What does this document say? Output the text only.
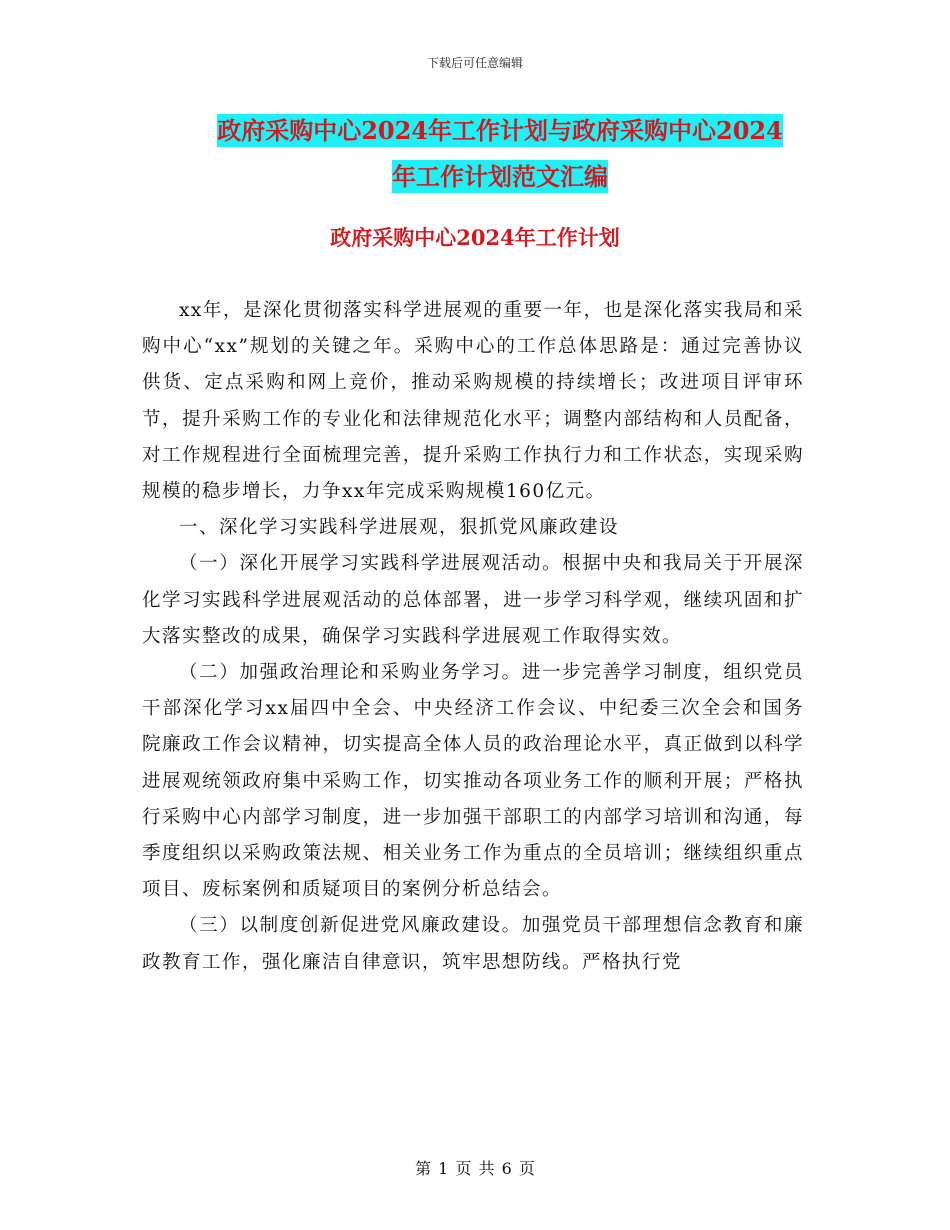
下载后可任意编辑
政府采购中心2024年工作计划与政府采购中心2024
年工作计划范文汇编
政府采购中心2024年工作计划

xx年，是深化贯彻落实科学进展观的重要一年，也是深化落实我局和采购中心“xx”规划的关键之年。采购中心的工作总体思路是：通过完善协议供货、定点采购和网上竞价，推动采购规模的持续增长；改进项目评审环节，提升采购工作的专业化和法律规范化水平；调整内部结构和人员配备，对工作规程进行全面梳理完善，提升采购工作执行力和工作状态，实现采购规模的稳步增长，力争xx年完成采购规模160亿元。

一、深化学习实践科学进展观，狠抓党风廉政建设

（一）深化开展学习实践科学进展观活动。根据中央和我局关于开展深化学习实践科学进展观活动的总体部署，进一步学习科学观，继续巩固和扩大落实整改的成果，确保学习实践科学进展观工作取得实效。

（二）加强政治理论和采购业务学习。进一步完善学习制度，组织党员干部深化学习xx届四中全会、中央经济工作会议、中纪委三次全会和国务院廉政工作会议精神，切实提高全体人员的政治理论水平，真正做到以科学进展观统领政府集中采购工作，切实推动各项业务工作的顺利开展；严格执行采购中心内部学习制度，进一步加强干部职工的内部学习培训和沟通，每季度组织以采购政策法规、相关业务工作为重点的全员培训；继续组织重点项目、废标案例和质疑项目的案例分析总结会。

（三）以制度创新促进党风廉政建设。加强党员干部理想信念教育和廉政教育工作，强化廉洁自律意识，筑牢思想防线。严格执行党

第 1 页 共 6 页
